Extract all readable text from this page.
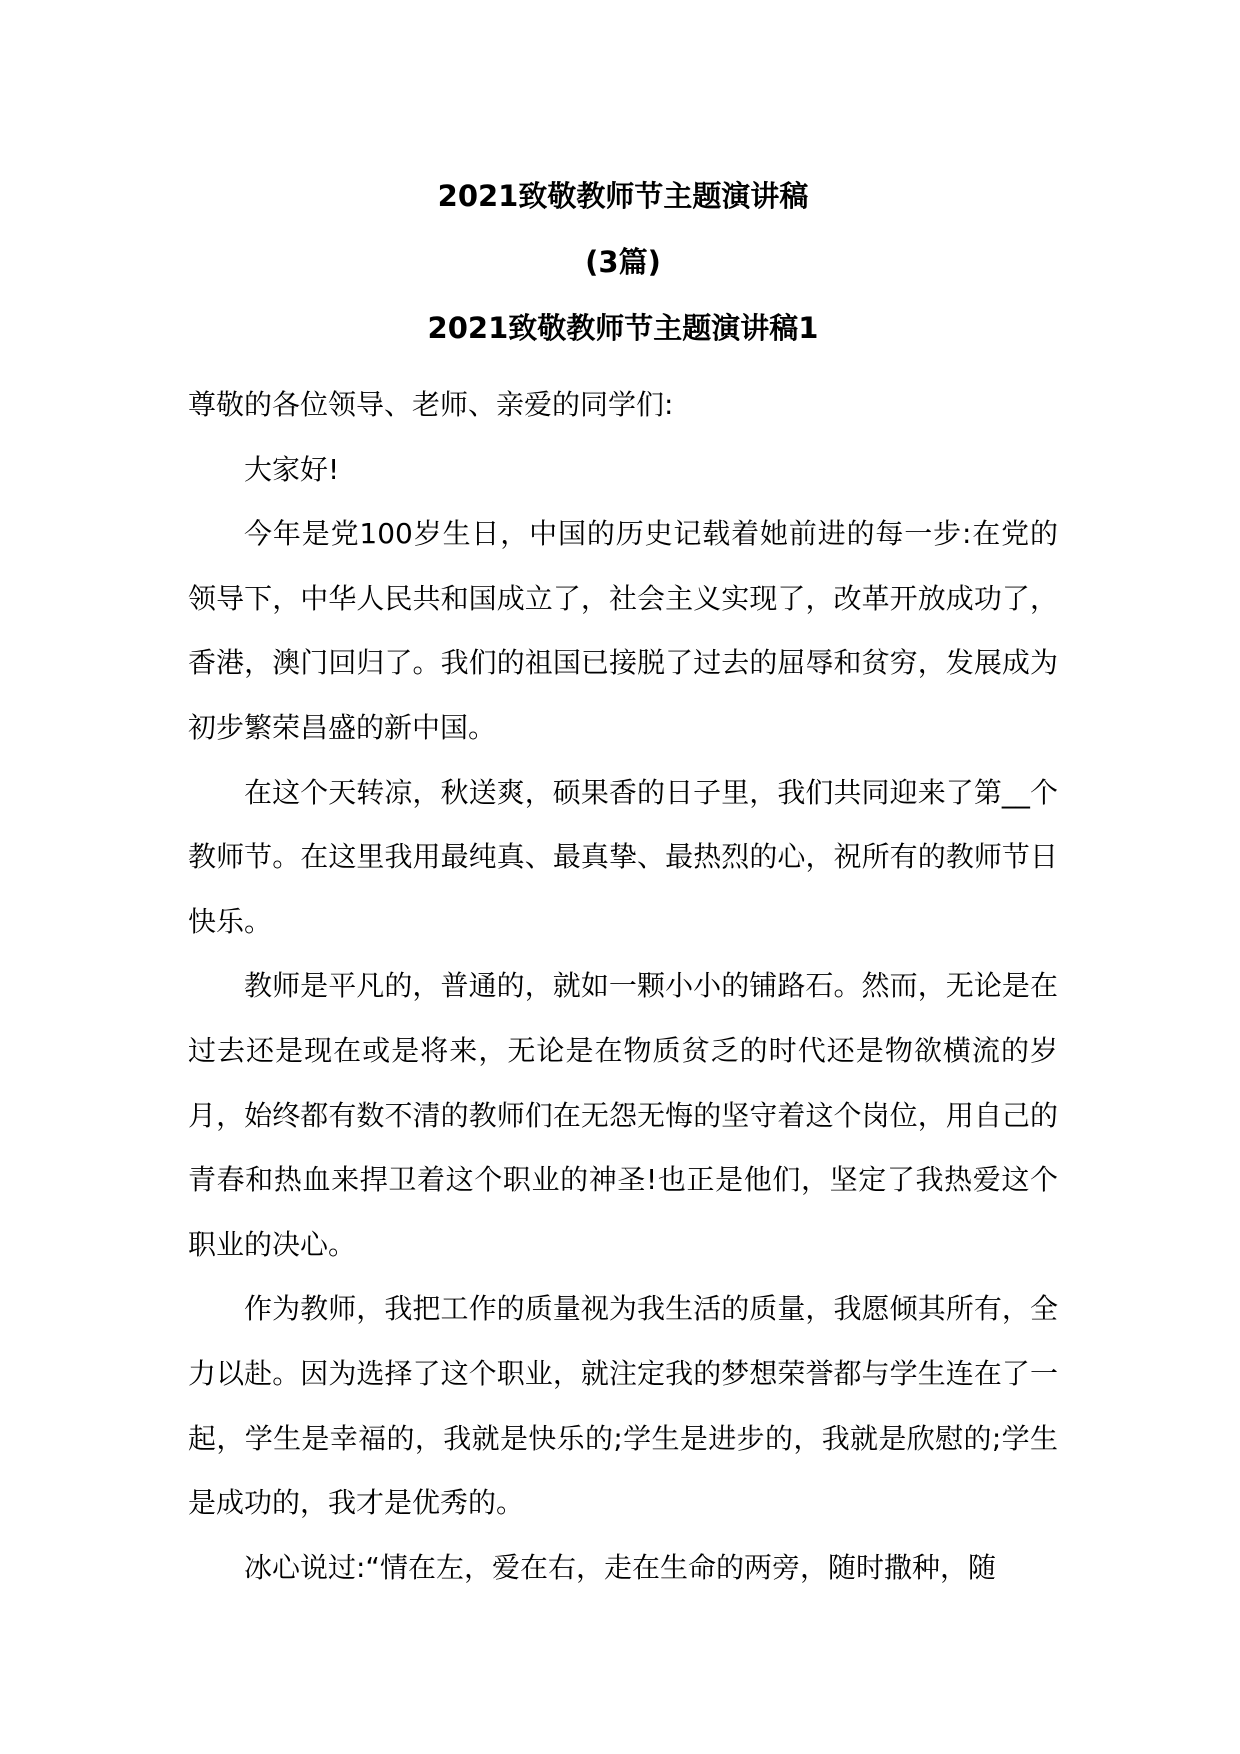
2021致敬教师节主题演讲稿
(3篇)
2021致敬教师节主题演讲稿1

尊敬的各位领导、老师、亲爱的同学们:

大家好!

今年是党100岁生日，中国的历史记载着她前进的每一步:在党的领导下，中华人民共和国成立了，社会主义实现了，改革开放成功了，香港，澳门回归了。我们的祖国已接脱了过去的屈辱和贫穷，发展成为初步繁荣昌盛的新中国。

在这个天转凉，秋送爽，硕果香的日子里，我们共同迎来了第__个教师节。在这里我用最纯真、最真挚、最热烈的心，祝所有的教师节日快乐。

教师是平凡的，普通的，就如一颗小小的铺路石。然而，无论是在过去还是现在或是将来，无论是在物质贫乏的时代还是物欲横流的岁月，始终都有数不清的教师们在无怨无悔的坚守着这个岗位，用自己的青春和热血来捍卫着这个职业的神圣!也正是他们，坚定了我热爱这个职业的决心。

作为教师，我把工作的质量视为我生活的质量，我愿倾其所有，全力以赴。因为选择了这个职业，就注定我的梦想荣誉都与学生连在了一起，学生是幸福的，我就是快乐的;学生是进步的，我就是欣慰的;学生是成功的，我才是优秀的。

冰心说过:“情在左，爱在右，走在生命的两旁，随时撒种，随
